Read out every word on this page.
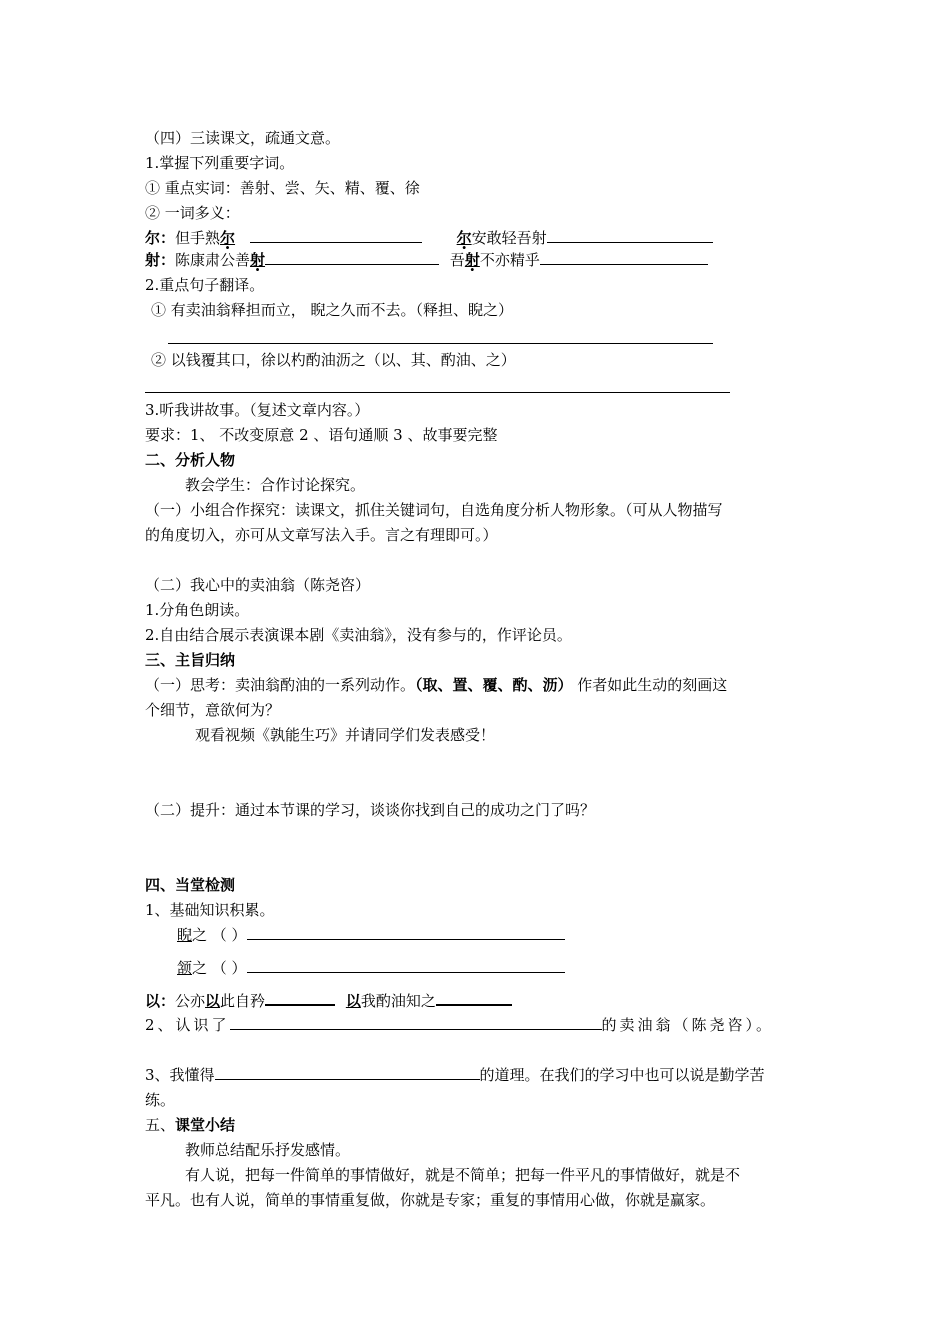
（四）三读课文，疏通文意。
1.掌握下列重要字词。
① 重点实词：善射、尝、矢、精、覆、徐
② 一词多义：
尔：但手熟尔	尔安敢轻吾射
射：陈康肃公善射	吾射不亦精乎
2.重点句子翻译。
① 有卖油翁释担而立， 睨之久而不去。（释担、睨之）
② 以钱覆其口，徐以杓酌油沥之（以、其、酌油、之）
3.听我讲故事。（复述文章内容。）
要求：1、 不改变原意 2 、语句通顺 3 、故事要完整
二、分析人物
教会学生：合作讨论探究。
（一）小组合作探究：读课文，抓住关键词句，自选角度分析人物形象。（可从人物描写
的角度切入，亦可从文章写法入手。言之有理即可。）
（二）我心中的卖油翁（陈尧咨）
1.分角色朗读。
2.自由结合展示表演课本剧《卖油翁》，没有参与的，作评论员。
三、主旨归纳
（一）思考：卖油翁酌油的一系列动作。（取、置、覆、酌、沥） 作者如此生动的刻画这
个细节，意欲何为？
观看视频《孰能生巧》并请同学们发表感受！
（二）提升：通过本节课的学习，谈谈你找到自己的成功之门了吗？
四、当堂检测
1、基础知识积累。
睨之 （ ）
颔之 （ ）
以：公亦以此自矜	以我酌油知之
2、认识了	的卖油翁（陈尧咨）。
3、我懂得	的道理。在我们的学习中也可以说是勤学苦
练。
五、课堂小结
教师总结配乐抒发感情。
有人说，把每一件简单的事情做好，就是不简单；把每一件平凡的事情做好，就是不
平凡。也有人说，简单的事情重复做，你就是专家；重复的事情用心做，你就是赢家。
